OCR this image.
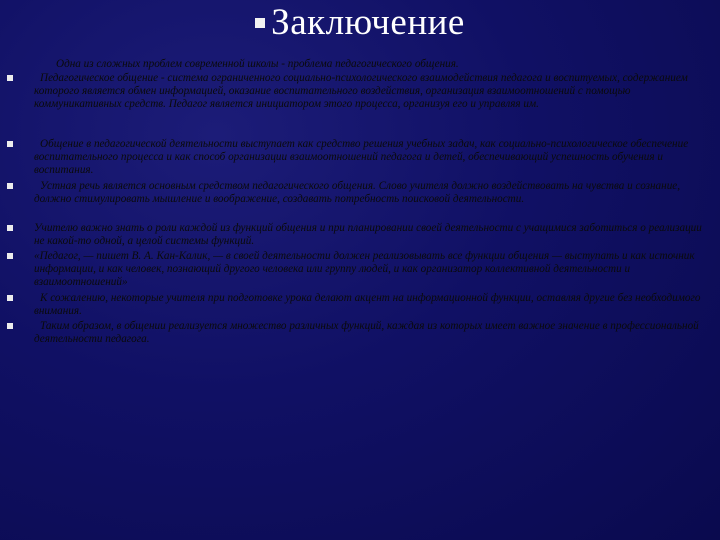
Заключение

Одна из сложных проблем современной школы - проблема педагогического общения.

Педагогическое общение - система ограниченного социально-психологического взаимодействия педагога и воспитуемых, содержанием которого является обмен информацией, оказание воспитательного воздействия, организация взаимоотношений с помощью коммуникативных средств. Педагог является инициатором этого процесса, организуя его и управляя им.
Общение в педагогической деятельности выступает как средство решения учебных задач, как социально-психологическое обеспечение воспитательного процесса и как способ организации взаимоотношений педагога и детей, обеспечивающий успешность обучения и воспитания.
Устная речь является основным средством педагогического общения. Слово учителя должно воздействовать на чувства и сознание, должно стимулировать мышление и воображение, создавать потребность поисковой деятельности.
Учителю важно знать о роли каждой из функций общения и при планировании своей деятельности с учащимися заботиться о реализации не какой-то одной, а целой системы функций.
«Педагог, — пишет В. А. Кан-Калик, — в своей деятельности должен реализовывать все функции общения — выступать и как источник информации, и как человек, познающий другого человека или группу людей, и как организатор коллективной деятельности и взаимоотношений»
К сожалению, некоторые учителя при подготовке урока делают акцент на информационной функции, оставляя другие без необходимого внимания.
Таким образом, в общении реализуется множество различных функций, каждая из которых имеет важное значение в профессиональной деятельности педагога.
